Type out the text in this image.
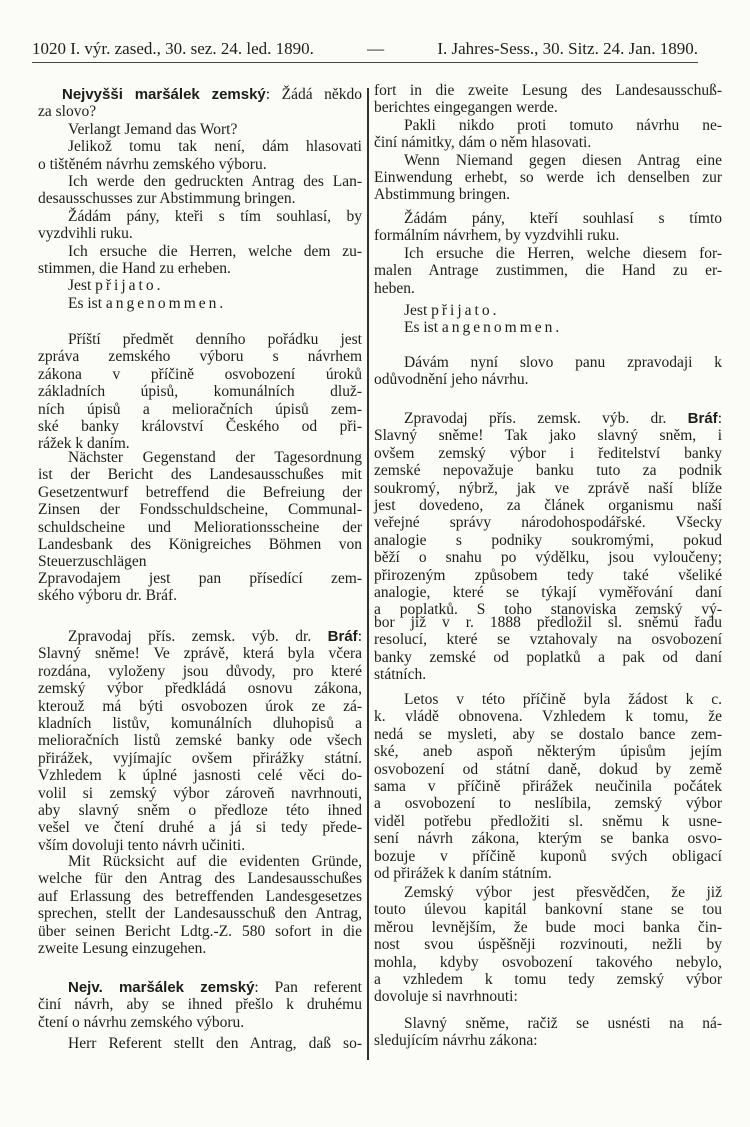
1020 I. výr. zased., 30. sez. 24. led. 1890.	—	I. Jahres-Sess., 30. Sitz. 24. Jan. 1890.
Nejvyšši maršálek zemský: Žádá někdo
za slovo?
Verlangt Jemand das Wort?
Jelikož tomu tak není, dám hlasovati
o tištěném návrhu zemského výboru.
Ich werde den gedruckten Antrag des Lan-
desausschusses zur Abstimmung bringen.
Žádám pány, kteři s tím souhlasí, by
vyzdvihli ruku.
Ich ersuche die Herren, welche dem zu-
stimmen, die Hand zu erheben.
Jest přijato.
Es ist angenommen.
Příští předmět denního pořádku jest
zpráva zemského výboru s návrhem
zákona v příčině osvobození úroků
základních úpisů, komunálních dluž-
ních úpisů a melioračních úpisů zem-
ské banky království Českého od při-
rážek k daním.
Nächster Gegenstand der Tagesordnung
ist der Bericht des Landesausschußes mit
Gesetzentwurf betreffend die Befreiung der
Zinsen der Fondsschuldscheine, Communal-
schuldscheine und Meliorationsscheine der
Landesbank des Königreiches Böhmen von
Steuerzuschlägen
Zpravodajem jest pan přísedící zem-
ského výboru dr. Bráf.
Zpravodaj přís. zemsk. výb. dr. Bráf:
Slavný sněme! Ve zprávě, která byla včera
rozdána, vyloženy jsou důvody, pro které
zemský výbor předkládá osnovu zákona,
kterouž má býti osvobozen úrok ze zá-
kladních listův, komunálních dluhopisů a
melioračních listů zemské banky ode všech
přirážek, vyjímajíc ovšem přirážky státní.
Vzhledem k úplné jasnosti celé věci do-
volil si zemský výbor zároveň navrhnouti,
aby slavný sněm o předloze této ihned
vešel ve čtení druhé a já si tedy přede-
vším dovoluji tento návrh učiniti.
Mit Rücksicht auf die evidenten Gründe,
welche für den Antrag des Landesausschußes
auf Erlassung des betreffenden Landesgesetzes
sprechen, stellt der Landesausschuß den Antrag,
über seinen Bericht Ldtg.-Z. 580 sofort in die
zweite Lesung einzugehen.
Nejv. maršálek zemský: Pan referent
činí návrh, aby se ihned přešlo k druhému
čtení o návrhu zemského výboru.
Herr Referent stellt den Antrag, daß so-
fort in die zweite Lesung des Landesausschuß-
berichtes eingegangen werde.
Pakli nikdo proti tomuto návrhu ne-
činí námitky, dám o něm hlasovati.
Wenn Niemand gegen diesen Antrag eine
Einwendung erhebt, so werde ich denselben zur
Abstimmung bringen.
Žádám pány, kteří souhlasí s tímto
formálním návrhem, by vyzdvihli ruku.
Ich ersuche die Herren, welche diesem for-
malen Antrage zustimmen, die Hand zu er-
heben.
Jest přijato.
Es ist angenommen.
Dávám nyní slovo panu zpravodaji k
odůvodnění jeho návrhu.
Zpravodaj přís. zemsk. výb. dr. Bráf:
Slavný sněme! Tak jako slavný sněm, i
ovšem zemský výbor i ředitelství banky
zemské nepovažuje banku tuto za podnik
soukromý, nýbrž, jak ve zprávě naší blíže
jest dovedeno, za článek organismu naší
veřejné správy národohospodářské. Všecky
analogie s podniky soukromými, pokud
běží o snahu po výdělku, jsou vyloučeny;
přirozeným způsobem tedy také všeliké
analogie, které se týkají vyměřování daní
a poplatků. S toho stanoviska zemský vý-
bor již v r. 1888 předložil sl. sněmu řadu
resolucí, které se vztahovaly na osvobození
banky zemské od poplatků a pak od daní
státních.
Letos v této příčině byla žádost k c.
k. vládě obnovena. Vzhledem k tomu, že
nedá se mysleti, aby se dostalo bance zem-
ské, aneb aspoň některým úpisům jejím
osvobození od státní daně, dokud by země
sama v příčině přirážek neučinila počátek
a osvobození to neslíbila, zemský výbor
viděl potřebu předložiti sl. sněmu k usne-
sení návrh zákona, kterým se banka osvo-
bozuje v příčině kuponů svých obligací
od přirážek k daním státním.
Zemský výbor jest přesvědčen, že již
touto úlevou kapitál bankovní stane se tou
měrou levnějším, že bude moci banka čin-
nost svou úspěšněji rozvinouti, nežli by
mohla, kdyby osvobození takového nebylo,
a vzhledem k tomu tedy zemský výbor
dovoluje si navrhnouti:
Slavný sněme, račiž se usnésti na ná-
sledujícím návrhu zákona:
